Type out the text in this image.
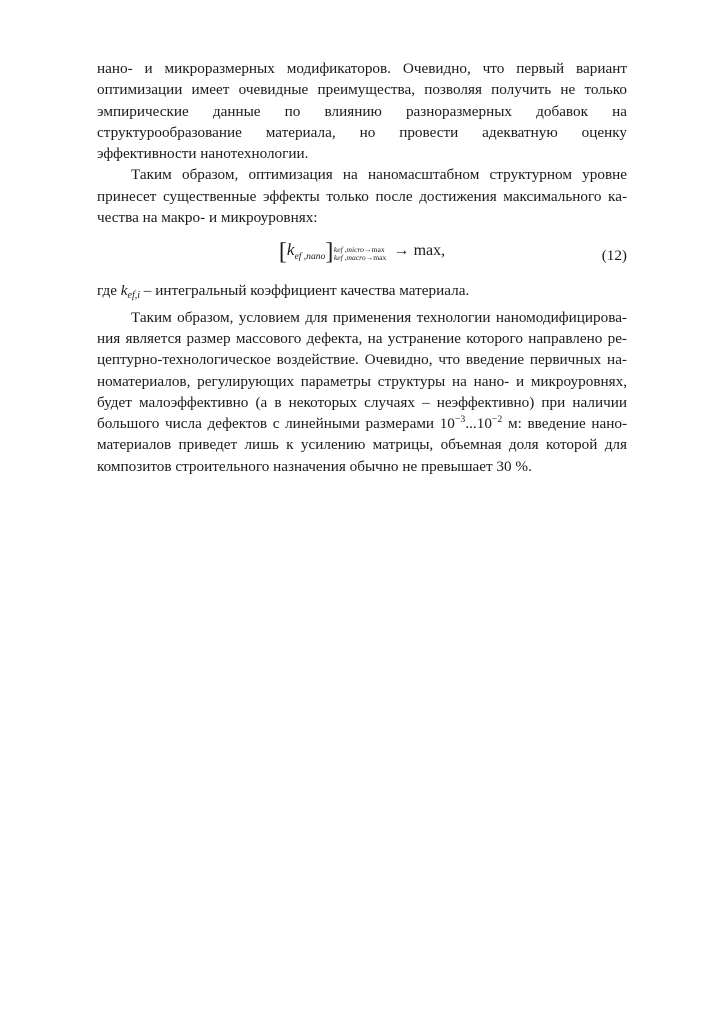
нано- и микроразмерных модификаторов. Очевидно, что первый вариант
оптимизации имеет очевидные преимущества, позволяя получить не только
эмпирические данные по влиянию разноразмерных добавок на
структурообразование материала, но провести адекватную оценку
эффективности нанотехнологии.

Таким образом, оптимизация на наномасштабном структурном уровне
принесет существенные эффекты только после достижения максимального ка-
чества на макро- и микроуровнях:

$[k_{ef ,nano}]$ kef ,micro→max
kef ,macro→max → max,	(12)

где kef,i – интегральный коэффициент качества материала.

Таким образом, условием для применения технологии наномодифицирова-
ния является размер массового дефекта, на устранение которого направлено ре-
цептурно-технологическое воздействие. Очевидно, что введение первичных на-
номатериалов, регулирующих параметры структуры на нано- и микроуровнях,
будет малоэффективно (а в некоторых случаях – неэффективно) при наличии
большого числа дефектов с линейными размерами $10^{-3}...10^{-2}$ м: введение нано-
материалов приведет лишь к усилению матрицы, объемная доля которой для
композитов строительного назначения обычно не превышает 30 %.
